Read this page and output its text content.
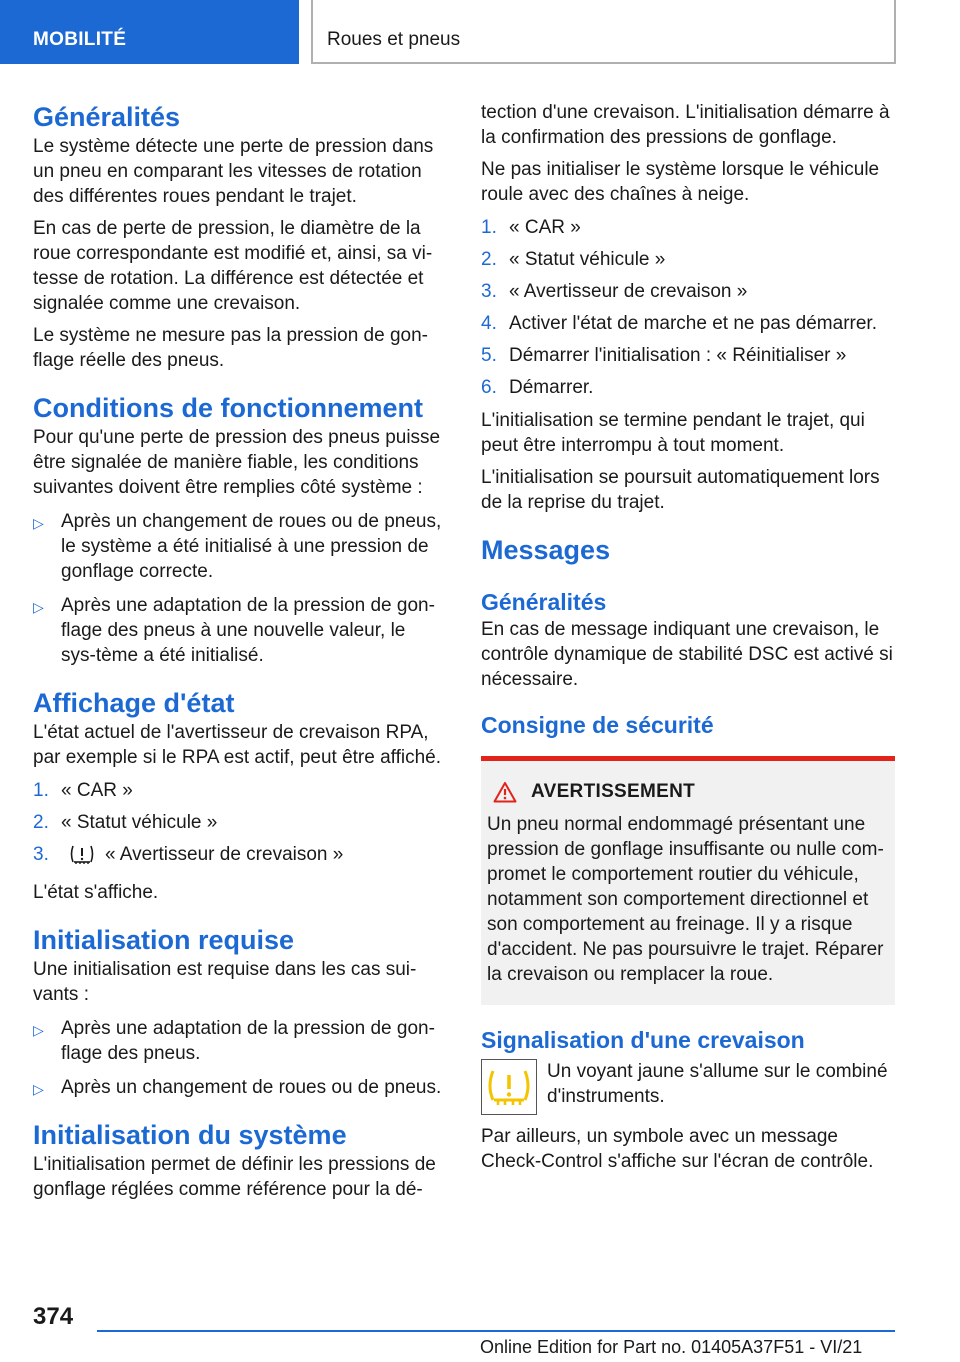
MOBILITÉ	Roues et pneus
Généralités

Le système détecte une perte de pression dans un pneu en comparant les vitesses de rotation des différentes roues pendant le trajet.

En cas de perte de pression, le diamètre de la roue correspondante est modifié et, ainsi, sa vi-tesse de rotation. La différence est détectée et signalée comme une crevaison.

Le système ne mesure pas la pression de gon-flage réelle des pneus.

Conditions de fonctionnement

Pour qu'une perte de pression des pneus puisse être signalée de manière fiable, les conditions suivantes doivent être remplies côté système :

▷ Après un changement de roues ou de pneus, le système a été initialisé à une pression de gonflage correcte.
▷ Après une adaptation de la pression de gon-flage des pneus à une nouvelle valeur, le sys-tème a été initialisé.
Affichage d'état

L'état actuel de l'avertisseur de crevaison RPA, par exemple si le RPA est actif, peut être affiché.

1. « CAR »
2. « Statut véhicule »
3.	« Avertisseur de crevaison »

L'état s'affiche.

Initialisation requise

Une initialisation est requise dans les cas sui-vants :

▷ Après une adaptation de la pression de gon-flage des pneus.
▷ Après un changement de roues ou de pneus.
Initialisation du système

L'initialisation permet de définir les pressions de gonflage réglées comme référence pour la dé-

tection d'une crevaison. L'initialisation démarre à la confirmation des pressions de gonflage.

Ne pas initialiser le système lorsque le véhicule roule avec des chaînes à neige.

1. « CAR »
2. « Statut véhicule »
3. « Avertisseur de crevaison »
4. Activer l'état de marche et ne pas démarrer.
5. Démarrer l'initialisation : « Réinitialiser »
6. Démarrer.

L'initialisation se termine pendant le trajet, qui peut être interrompu à tout moment.

L'initialisation se poursuit automatiquement lors de la reprise du trajet.

Messages
Généralités

En cas de message indiquant une crevaison, le contrôle dynamique de stabilité DSC est activé si nécessaire.

Consigne de sécurité
AVERTISSEMENT

Un pneu normal endommagé présentant une pression de gonflage insuffisante ou nulle com-promet le comportement routier du véhicule, notamment son comportement directionnel et son comportement au freinage. Il y a risque d'accident. Ne pas poursuivre le trajet. Réparer la crevaison ou remplacer la roue.

Signalisation d'une crevaison

Un voyant jaune s'allume sur le combiné d'instruments.

Par ailleurs, un symbole avec un message Check-Control s'affiche sur l'écran de contrôle.

374
Online Edition for Part no. 01405A37F51 - VI/21
